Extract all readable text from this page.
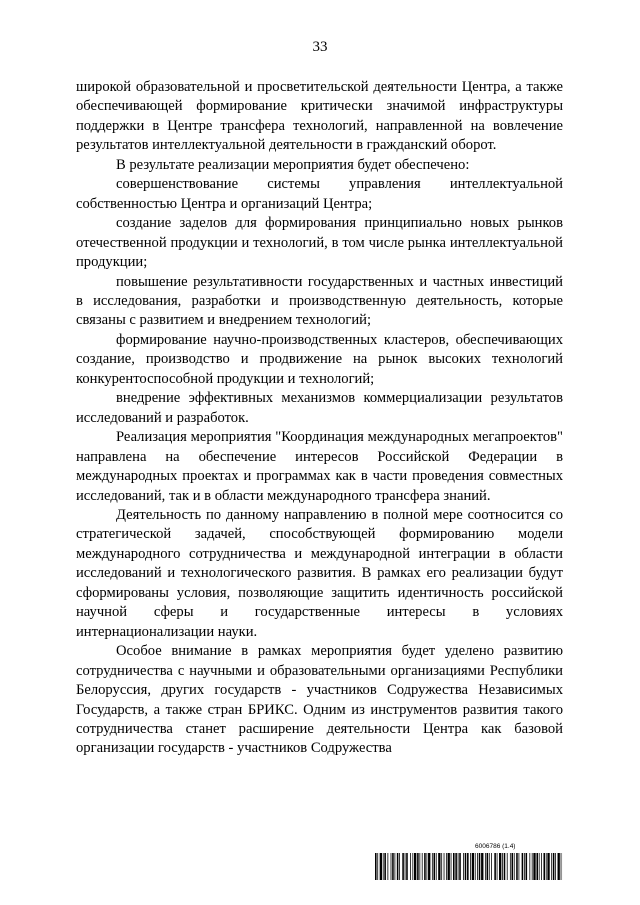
33

широкой образовательной и просветительской деятельности Центра, а также обеспечивающей формирование критически значимой инфраструктуры поддержки в Центре трансфера технологий, направленной на вовлечение результатов интеллектуальной деятельности в гражданский оборот.

В результате реализации мероприятия будет обеспечено:

совершенствование системы управления интеллектуальной собственностью Центра и организаций Центра;

создание заделов для формирования принципиально новых рынков отечественной продукции и технологий, в том числе рынка интеллектуальной продукции;

повышение результативности государственных и частных инвестиций в исследования, разработки и производственную деятельность, которые связаны с развитием и внедрением технологий;

формирование научно-производственных кластеров, обеспечивающих создание, производство и продвижение на рынок высоких технологий конкурентоспособной продукции и технологий;

внедрение эффективных механизмов коммерциализации результатов исследований и разработок.

Реализация мероприятия "Координация международных мегапроектов" направлена на обеспечение интересов Российской Федерации в международных проектах и программах как в части проведения совместных исследований, так и в области международного трансфера знаний.

Деятельность по данному направлению в полной мере соотносится со стратегической задачей, способствующей формированию модели международного сотрудничества и международной интеграции в области исследований и технологического развития. В рамках его реализации будут сформированы условия, позволяющие защитить идентичность российской научной сферы и государственные интересы в условиях интернационализации науки.

Особое внимание в рамках мероприятия будет уделено развитию сотрудничества с научными и образовательными организациями Республики Белоруссия, других государств - участников Содружества Независимых Государств, а также стран БРИКС. Одним из инструментов развития такого сотрудничества станет расширение деятельности Центра как базовой организации государств - участников Содружества

6006786 (1.4)
